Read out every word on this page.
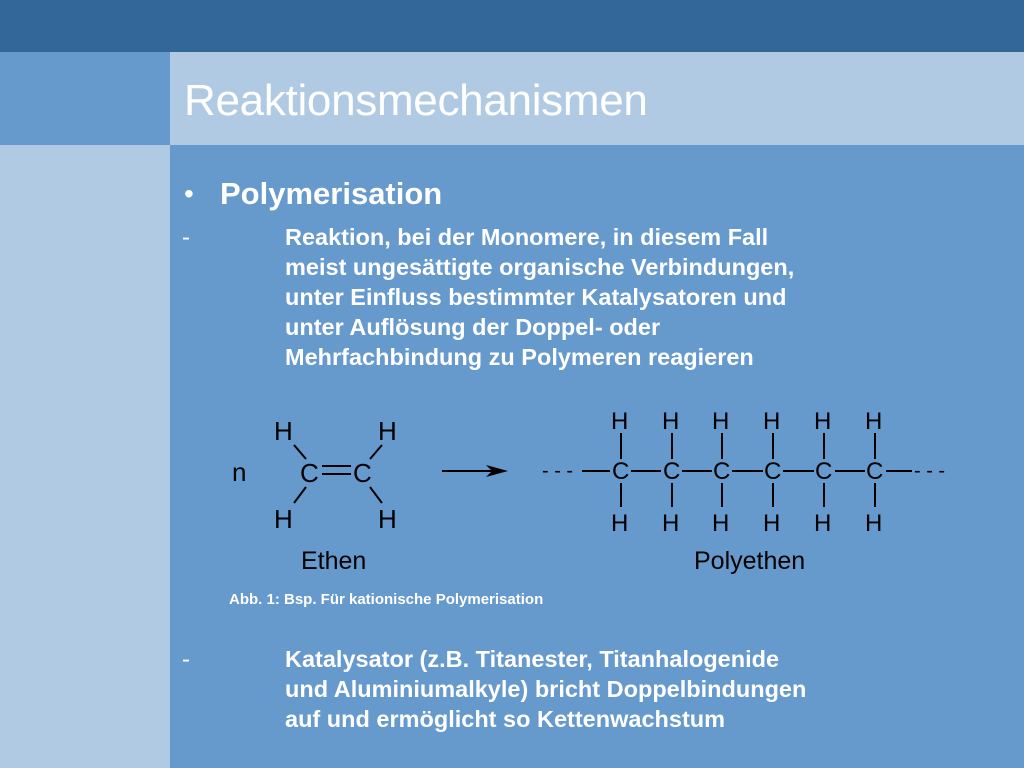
Reaktionsmechanismen
• Polymerisation
-	Reaktion, bei der Monomere, in diesem Fall
meist ungesättigte organische Verbindungen,
unter Einfluss bestimmter Katalysatoren und
unter Auflösung der Doppel- oder
Mehrfachbindung zu Polymeren reagieren
n
H	H
C C
H	H
Ethen
- - -	- - -
H
C
H
H
C
H
H
C
H
H
C
H
H
C
H
H
C
H
Polyethen

Abb. 1: Bsp. Für kationische Polymerisation

-	Katalysator (z.B. Titanester, Titanhalogenide
und Aluminiumalkyle) bricht Doppelbindungen
auf und ermöglicht so Kettenwachstum
